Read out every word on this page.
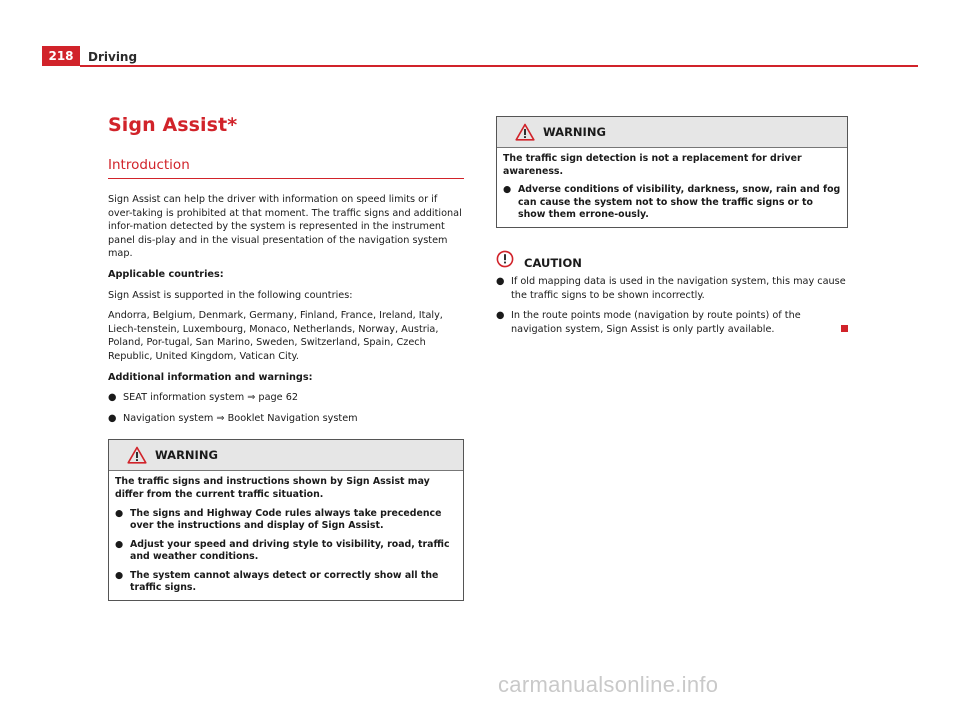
218	Driving
Sign Assist*
Introduction

Sign Assist can help the driver with information on speed limits or if over-taking is prohibited at that moment. The traffic signs and additional infor-mation detected by the system is represented in the instrument panel dis-play and in the visual presentation of the navigation system map.

Applicable countries:

Sign Assist is supported in the following countries:

Andorra, Belgium, Denmark, Germany, Finland, France, Ireland, Italy, Liech-tenstein, Luxembourg, Monaco, Netherlands, Norway, Austria, Poland, Por-tugal, San Marino, Sweden, Switzerland, Spain, Czech Republic, United Kingdom, Vatican City.

Additional information and warnings:

● SEAT information system ⇒ page 62
● Navigation system ⇒ Booklet Navigation system
WARNING

The traffic signs and instructions shown by Sign Assist may differ from the current traffic situation.

● The signs and Highway Code rules always take precedence over the instructions and display of Sign Assist.
● Adjust your speed and driving style to visibility, road, traffic and weather conditions.
● The system cannot always detect or correctly show all the traffic signs.
WARNING

The traffic sign detection is not a replacement for driver awareness.

● Adverse conditions of visibility, darkness, snow, rain and fog can cause the system not to show the traffic signs or to show them errone-ously.
CAUTION
● If old mapping data is used in the navigation system, this may cause the traffic signs to be shown incorrectly.
● In the route points mode (navigation by route points) of the navigation system, Sign Assist is only partly available.
carmanualsonline.info
